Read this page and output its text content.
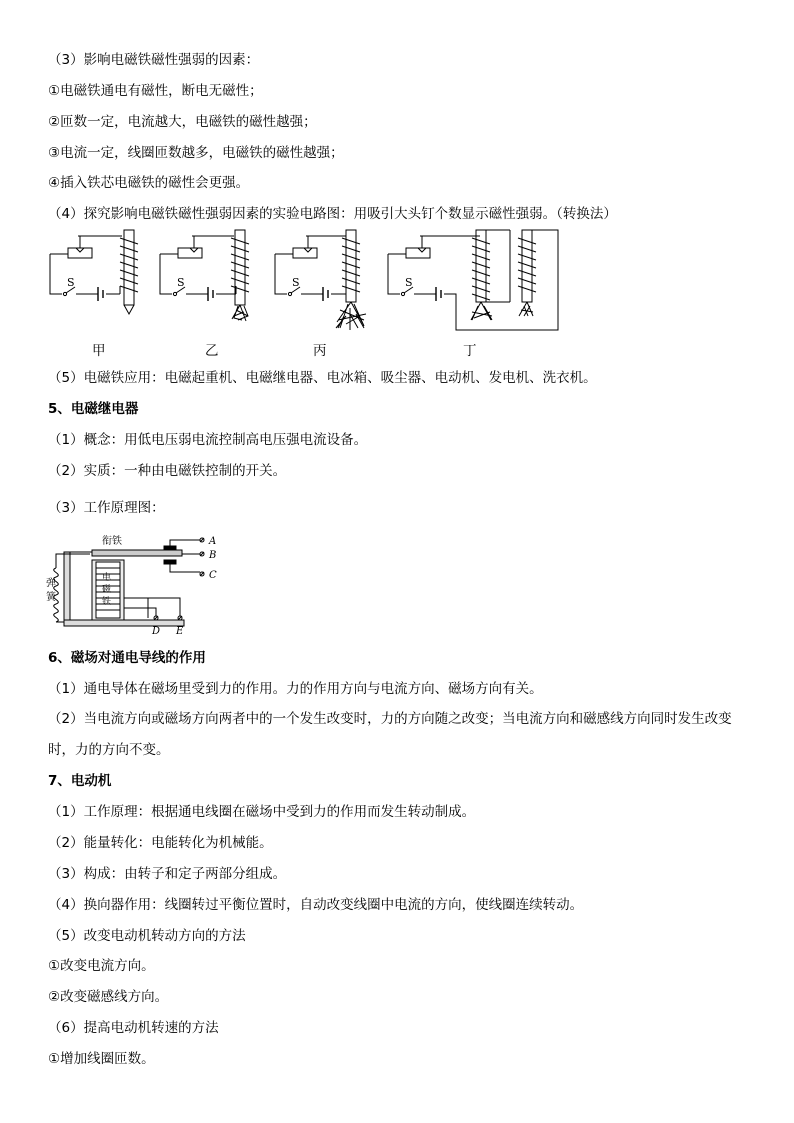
（3）影响电磁铁磁性强弱的因素：
①电磁铁通电有磁性，断电无磁性；
②匝数一定，电流越大，电磁铁的磁性越强；
③电流一定，线圈匝数越多，电磁铁的磁性越强；
④插入铁芯电磁铁的磁性会更强。
（4）探究影响电磁铁磁性强弱因素的实验电路图：用吸引大头钉个数显示磁性强弱。（转换法）
S	S	S	S
甲	乙	丙	丁
（5）电磁铁应用：电磁起重机、电磁继电器、电冰箱、吸尘器、电动机、发电机、洗衣机。
5、电磁继电器
（1）概念：用低电压弱电流控制高电压强电流设备。
（2）实质：一种由电磁铁控制的开关。
（3）工作原理图：
衔铁
弹
簧
电
磁
铁
A
B
C
D E
6、磁场对通电导线的作用
（1）通电导体在磁场里受到力的作用。力的作用方向与电流方向、磁场方向有关。
（2）当电流方向或磁场方向两者中的一个发生改变时，力的方向随之改变；当电流方向和磁感线方向同时发生改变时，力的方向不变。
7、电动机
（1）工作原理：根据通电线圈在磁场中受到力的作用而发生转动制成。
（2）能量转化：电能转化为机械能。
（3）构成：由转子和定子两部分组成。
（4）换向器作用：线圈转过平衡位置时，自动改变线圈中电流的方向，使线圈连续转动。
（5）改变电动机转动方向的方法
①改变电流方向。
②改变磁感线方向。
（6）提高电动机转速的方法
①增加线圈匝数。
